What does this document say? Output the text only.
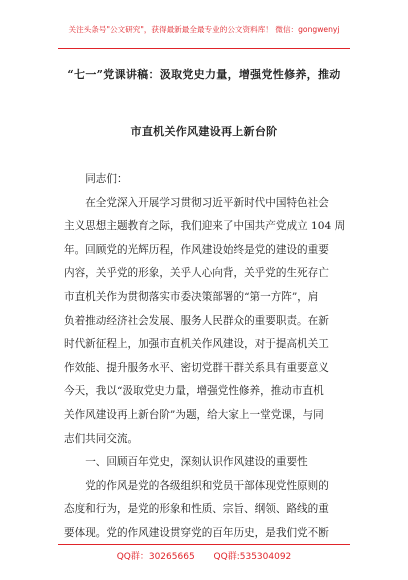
关注头条号"公文研究"，获得最新最全最专业的公文资料库！ 微信：gongwenyj
“七一”党课讲稿：汲取党史力量，增强党性修养，推动
市直机关作风建设再上新台阶

同志们：

在全党深入开展学习贯彻习近平新时代中国特色社会
主义思想主题教育之际，我们迎来了中国共产党成立 104 周
年。回顾党的光辉历程，作风建设始终是党的建设的重要
内容，关乎党的形象，关乎人心向背，关乎党的生死存亡
市直机关作为贯彻落实市委决策部署的“第一方阵”，肩
负着推动经济社会发展、服务人民群众的重要职责。在新
时代新征程上，加强市直机关作风建设，对于提高机关工
作效能、提升服务水平、密切党群干群关系具有重要意义
今天，我以“汲取党史力量，增强党性修养，推动市直机
关作风建设再上新台阶”为题，给大家上一堂党课，与同
志们共同交流。

一、回顾百年党史，深刻认识作风建设的重要性

党的作风是党的各级组织和党员干部体现党性原则的
态度和行为，是党的形象和性质、宗旨、纲领、路线的重
要体现。党的作风建设贯穿党的百年历史，是我们党不断

QQ群：30265665 QQ群:535304092
